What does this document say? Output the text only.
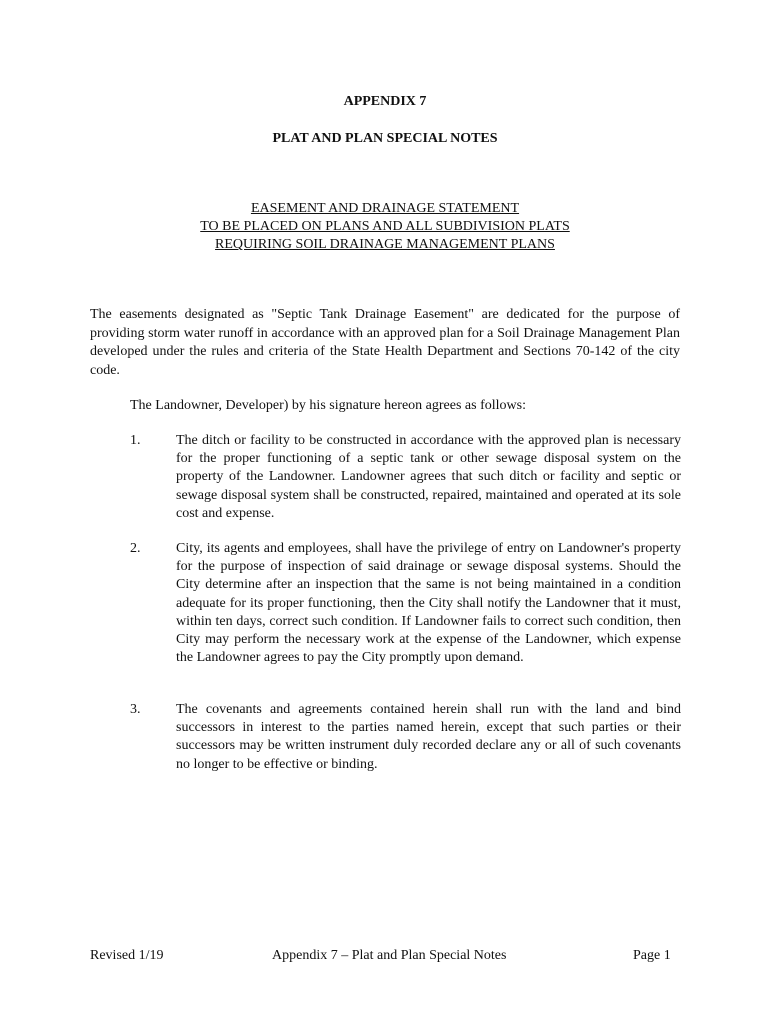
APPENDIX 7
PLAT AND PLAN SPECIAL NOTES
EASEMENT AND DRAINAGE STATEMENT
TO BE PLACED ON PLANS AND ALL SUBDIVISION PLATS
REQUIRING SOIL DRAINAGE MANAGEMENT PLANS
The easements designated as "Septic Tank Drainage Easement" are dedicated for the purpose of providing storm water runoff in accordance with an approved plan for a Soil Drainage Management Plan developed under the rules and criteria of the State Health Department and Sections 70-142 of the city code.
The Landowner, Developer) by his signature hereon agrees as follows:
1.	The ditch or facility to be constructed in accordance with the approved plan is necessary for the proper functioning of a septic tank or other sewage disposal system on the property of the Landowner. Landowner agrees that such ditch or facility and septic or sewage disposal system shall be constructed, repaired, maintained and operated at its sole cost and expense.
2.	City, its agents and employees, shall have the privilege of entry on Landowner's property for the purpose of inspection of said drainage or sewage disposal systems. Should the City determine after an inspection that the same is not being maintained in a condition adequate for its proper functioning, then the City shall notify the Landowner that it must, within ten days, correct such condition. If Landowner fails to correct such condition, then City may perform the necessary work at the expense of the Landowner, which expense the Landowner agrees to pay the City promptly upon demand.
3.	The covenants and agreements contained herein shall run with the land and bind successors in interest to the parties named herein, except that such parties or their successors may be written instrument duly recorded declare any or all of such covenants no longer to be effective or binding.
Revised 1/19	Appendix 7 – Plat and Plan Special Notes	Page 1
